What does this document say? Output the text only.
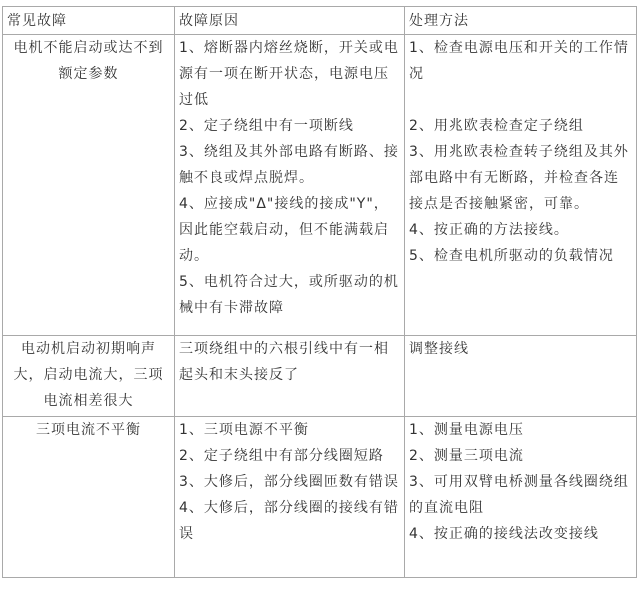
常见故障	故障原因	处理方法
电机不能启动或达不到额定参数	1、熔断器内熔丝烧断，开关或电源有一项在断开状态，电源电压过低
2、定子绕组中有一项断线
3、绕组及其外部电路有断路、接触不良或焊点脱焊。
4、应接成"Δ"接线的接成"Y"，因此能空载启动，但不能满载启动。
5、电机符合过大，或所驱动的机械中有卡滞故障	1、检查电源电压和开关的工作情况
2、用兆欧表检查定子绕组
3、用兆欧表检查转子绕组及其外部电路中有无断路，并检查各连接点是否接触紧密，可靠。
4、按正确的方法接线。
5、检查电机所驱动的负载情况

电动机启动初期响声大，启动电流大，三项电流相差很大	三项绕组中的六根引线中有一相起头和末头接反了	调整接线

三项电流不平衡	1、三项电源不平衡
2、定子绕组中有部分线圈短路
3、大修后，部分线圈匝数有错误
4、大修后，部分线圈的接线有错误	1、测量电源电压
2、测量三项电流
3、可用双臂电桥测量各线圈绕组的直流电阻
4、按正确的接线法改变接线
